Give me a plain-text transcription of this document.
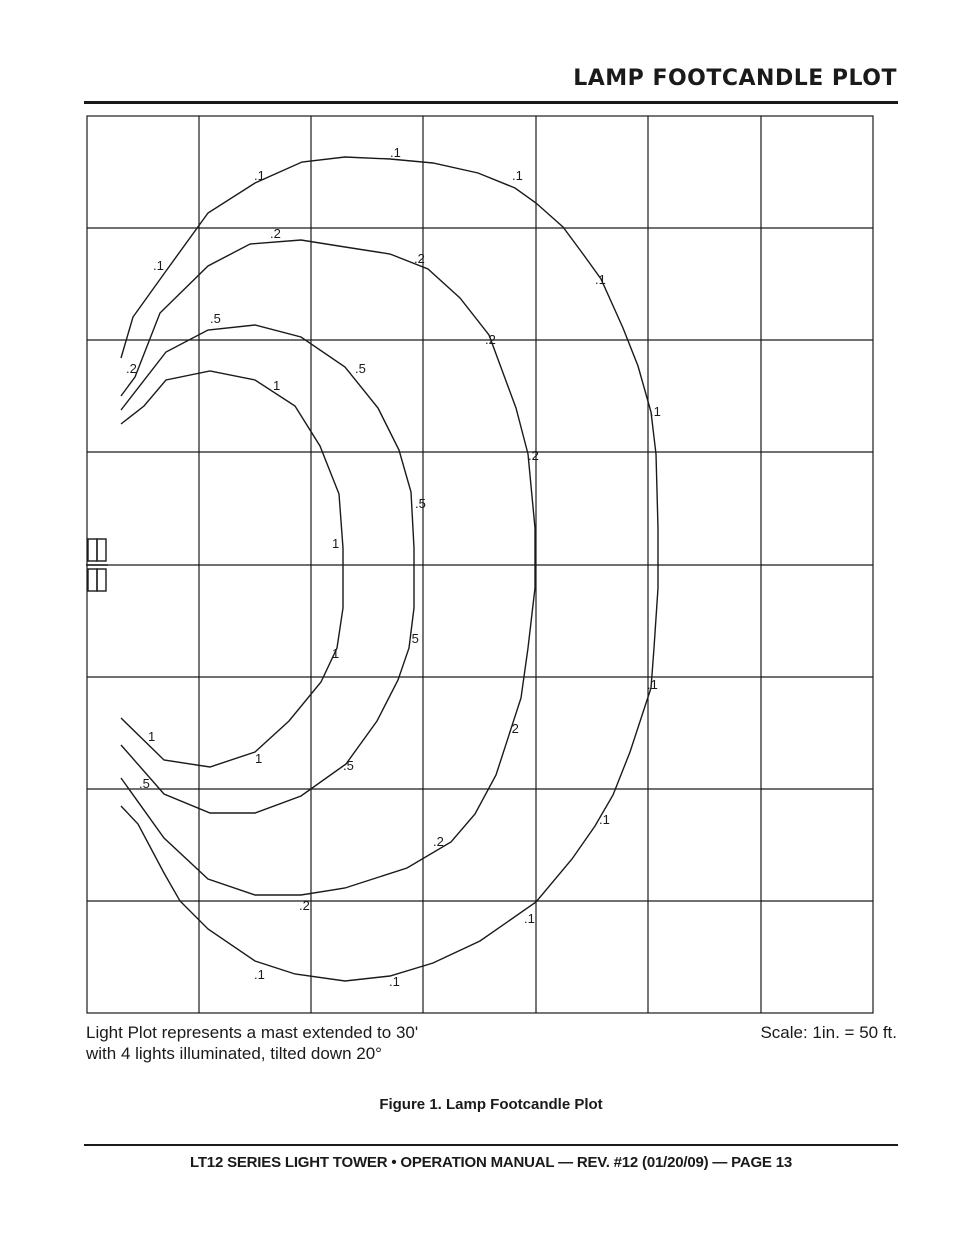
LAMP FOOTCANDLE PLOT
.1
.1
.1
.1
.1
.1
.1
.1
.1
.1	.1
.2
.2
.2
.2
.2
.2
.2
.2
.5
.5
.5
.5
.5
.5
1
1
1
1
1
Light Plot represents a mast extended to 30'
with 4 lights illuminated, tilted down 20°
Scale: 1in. = 50 ft.
Figure 1. Lamp Footcandle Plot
LT12 SERIES LIGHT TOWER • OPERATION MANUAL — REV. #12 (01/20/09) — PAGE 13
